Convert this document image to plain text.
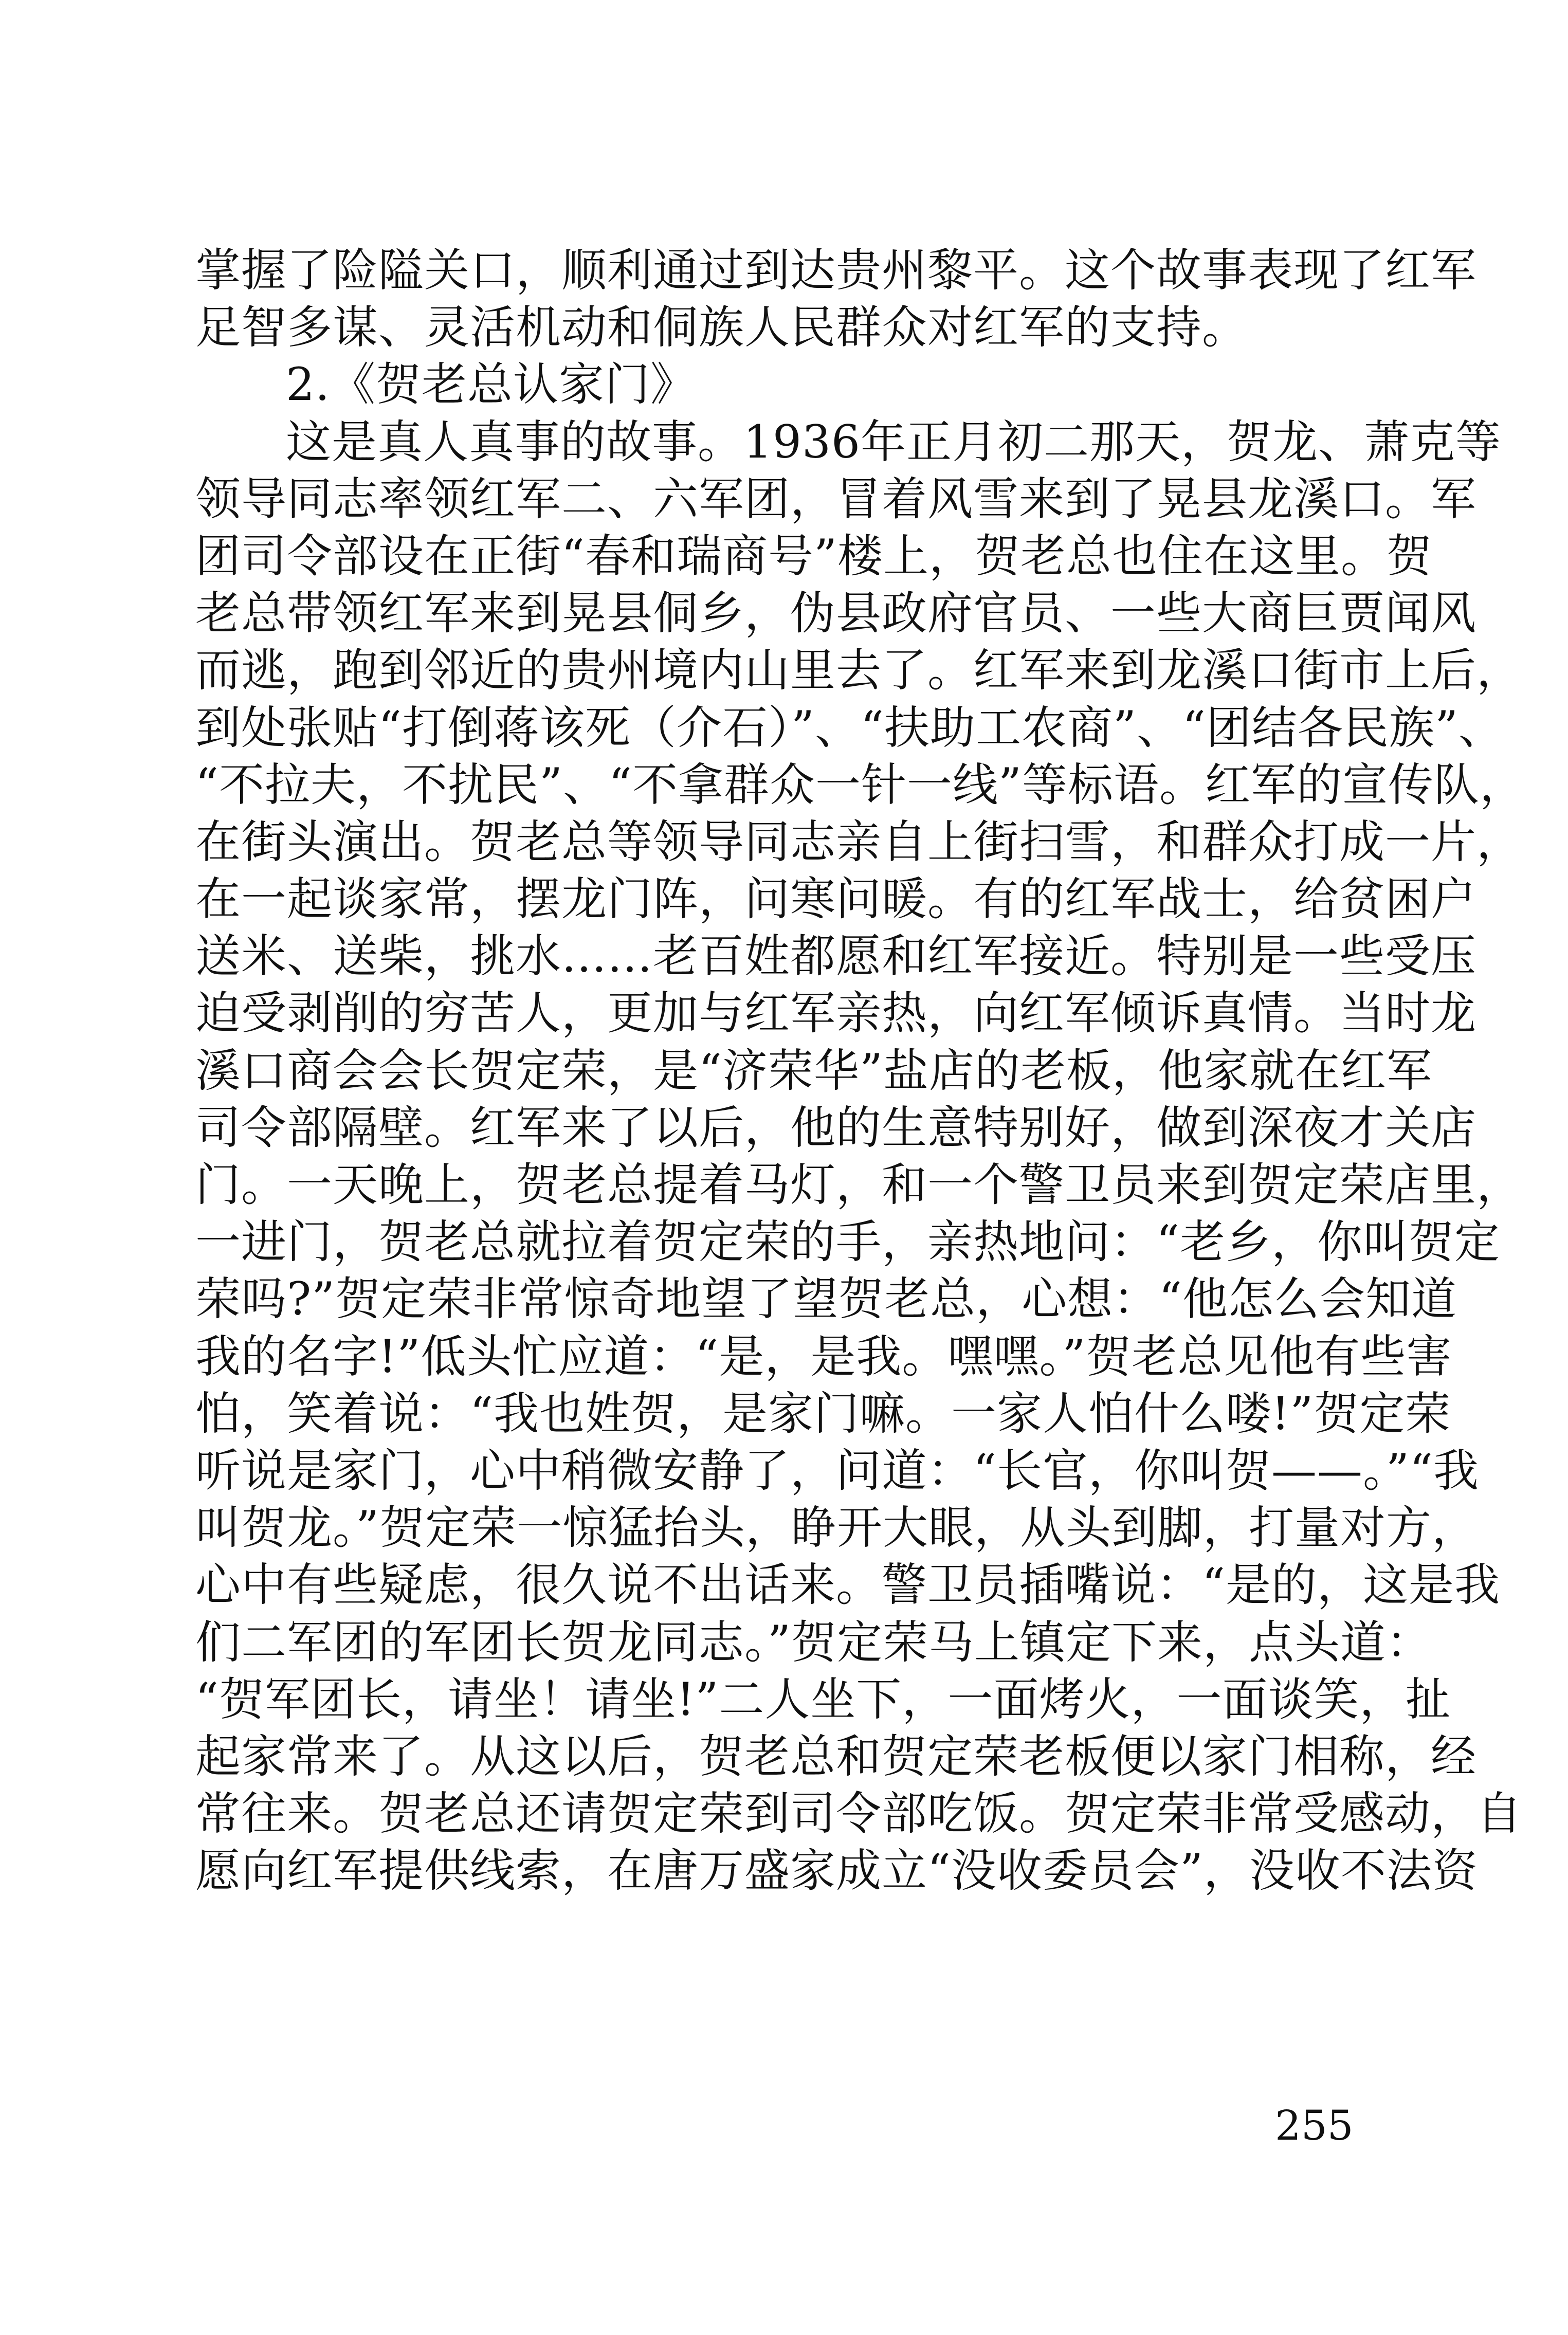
掌握了险隘关口，顺利通过到达贵州黎平。这个故事表现了红军
足智多谋、灵活机动和侗族人民群众对红军的支持。
2.《贺老总认家门》
这是真人真事的故事。1936年正月初二那天，贺龙、萧克等
领导同志率领红军二、六军团，冒着风雪来到了晃县龙溪口。军
团司令部设在正街“春和瑞商号”楼上，贺老总也住在这里。贺
老总带领红军来到晃县侗乡，伪县政府官员、一些大商巨贾闻风
而逃，跑到邻近的贵州境内山里去了。红军来到龙溪口街市上后，
到处张贴“打倒蒋该死（介石）”、“扶助工农商”、“团结各民族”、
“不拉夫，不扰民”、“不拿群众一针一线”等标语。红军的宣传队，
在街头演出。贺老总等领导同志亲自上街扫雪，和群众打成一片，
在一起谈家常，摆龙门阵，问寒问暖。有的红军战士，给贫困户
送米、送柴，挑水……老百姓都愿和红军接近。特别是一些受压
迫受剥削的穷苦人，更加与红军亲热，向红军倾诉真情。当时龙
溪口商会会长贺定荣，是“济荣华”盐店的老板，他家就在红军
司令部隔壁。红军来了以后，他的生意特别好，做到深夜才关店
门。一天晚上，贺老总提着马灯，和一个警卫员来到贺定荣店里，
一进门，贺老总就拉着贺定荣的手，亲热地问：“老乡，你叫贺定
荣吗?”贺定荣非常惊奇地望了望贺老总，心想：“他怎么会知道
我的名字!”低头忙应道：“是，是我。嘿嘿。”贺老总见他有些害
怕，笑着说：“我也姓贺，是家门嘛。一家人怕什么喽!”贺定荣
听说是家门，心中稍微安静了，问道：“长官，你叫贺——。”“我
叫贺龙。”贺定荣一惊猛抬头，睁开大眼，从头到脚，打量对方，
心中有些疑虑，很久说不出话来。警卫员插嘴说：“是的，这是我
们二军团的军团长贺龙同志。”贺定荣马上镇定下来，点头道：
“贺军团长，请坐！请坐!”二人坐下，一面烤火，一面谈笑，扯
起家常来了。从这以后，贺老总和贺定荣老板便以家门相称，经
常往来。贺老总还请贺定荣到司令部吃饭。贺定荣非常受感动，自
愿向红军提供线索，在唐万盛家成立“没收委员会”，没收不法资
255
